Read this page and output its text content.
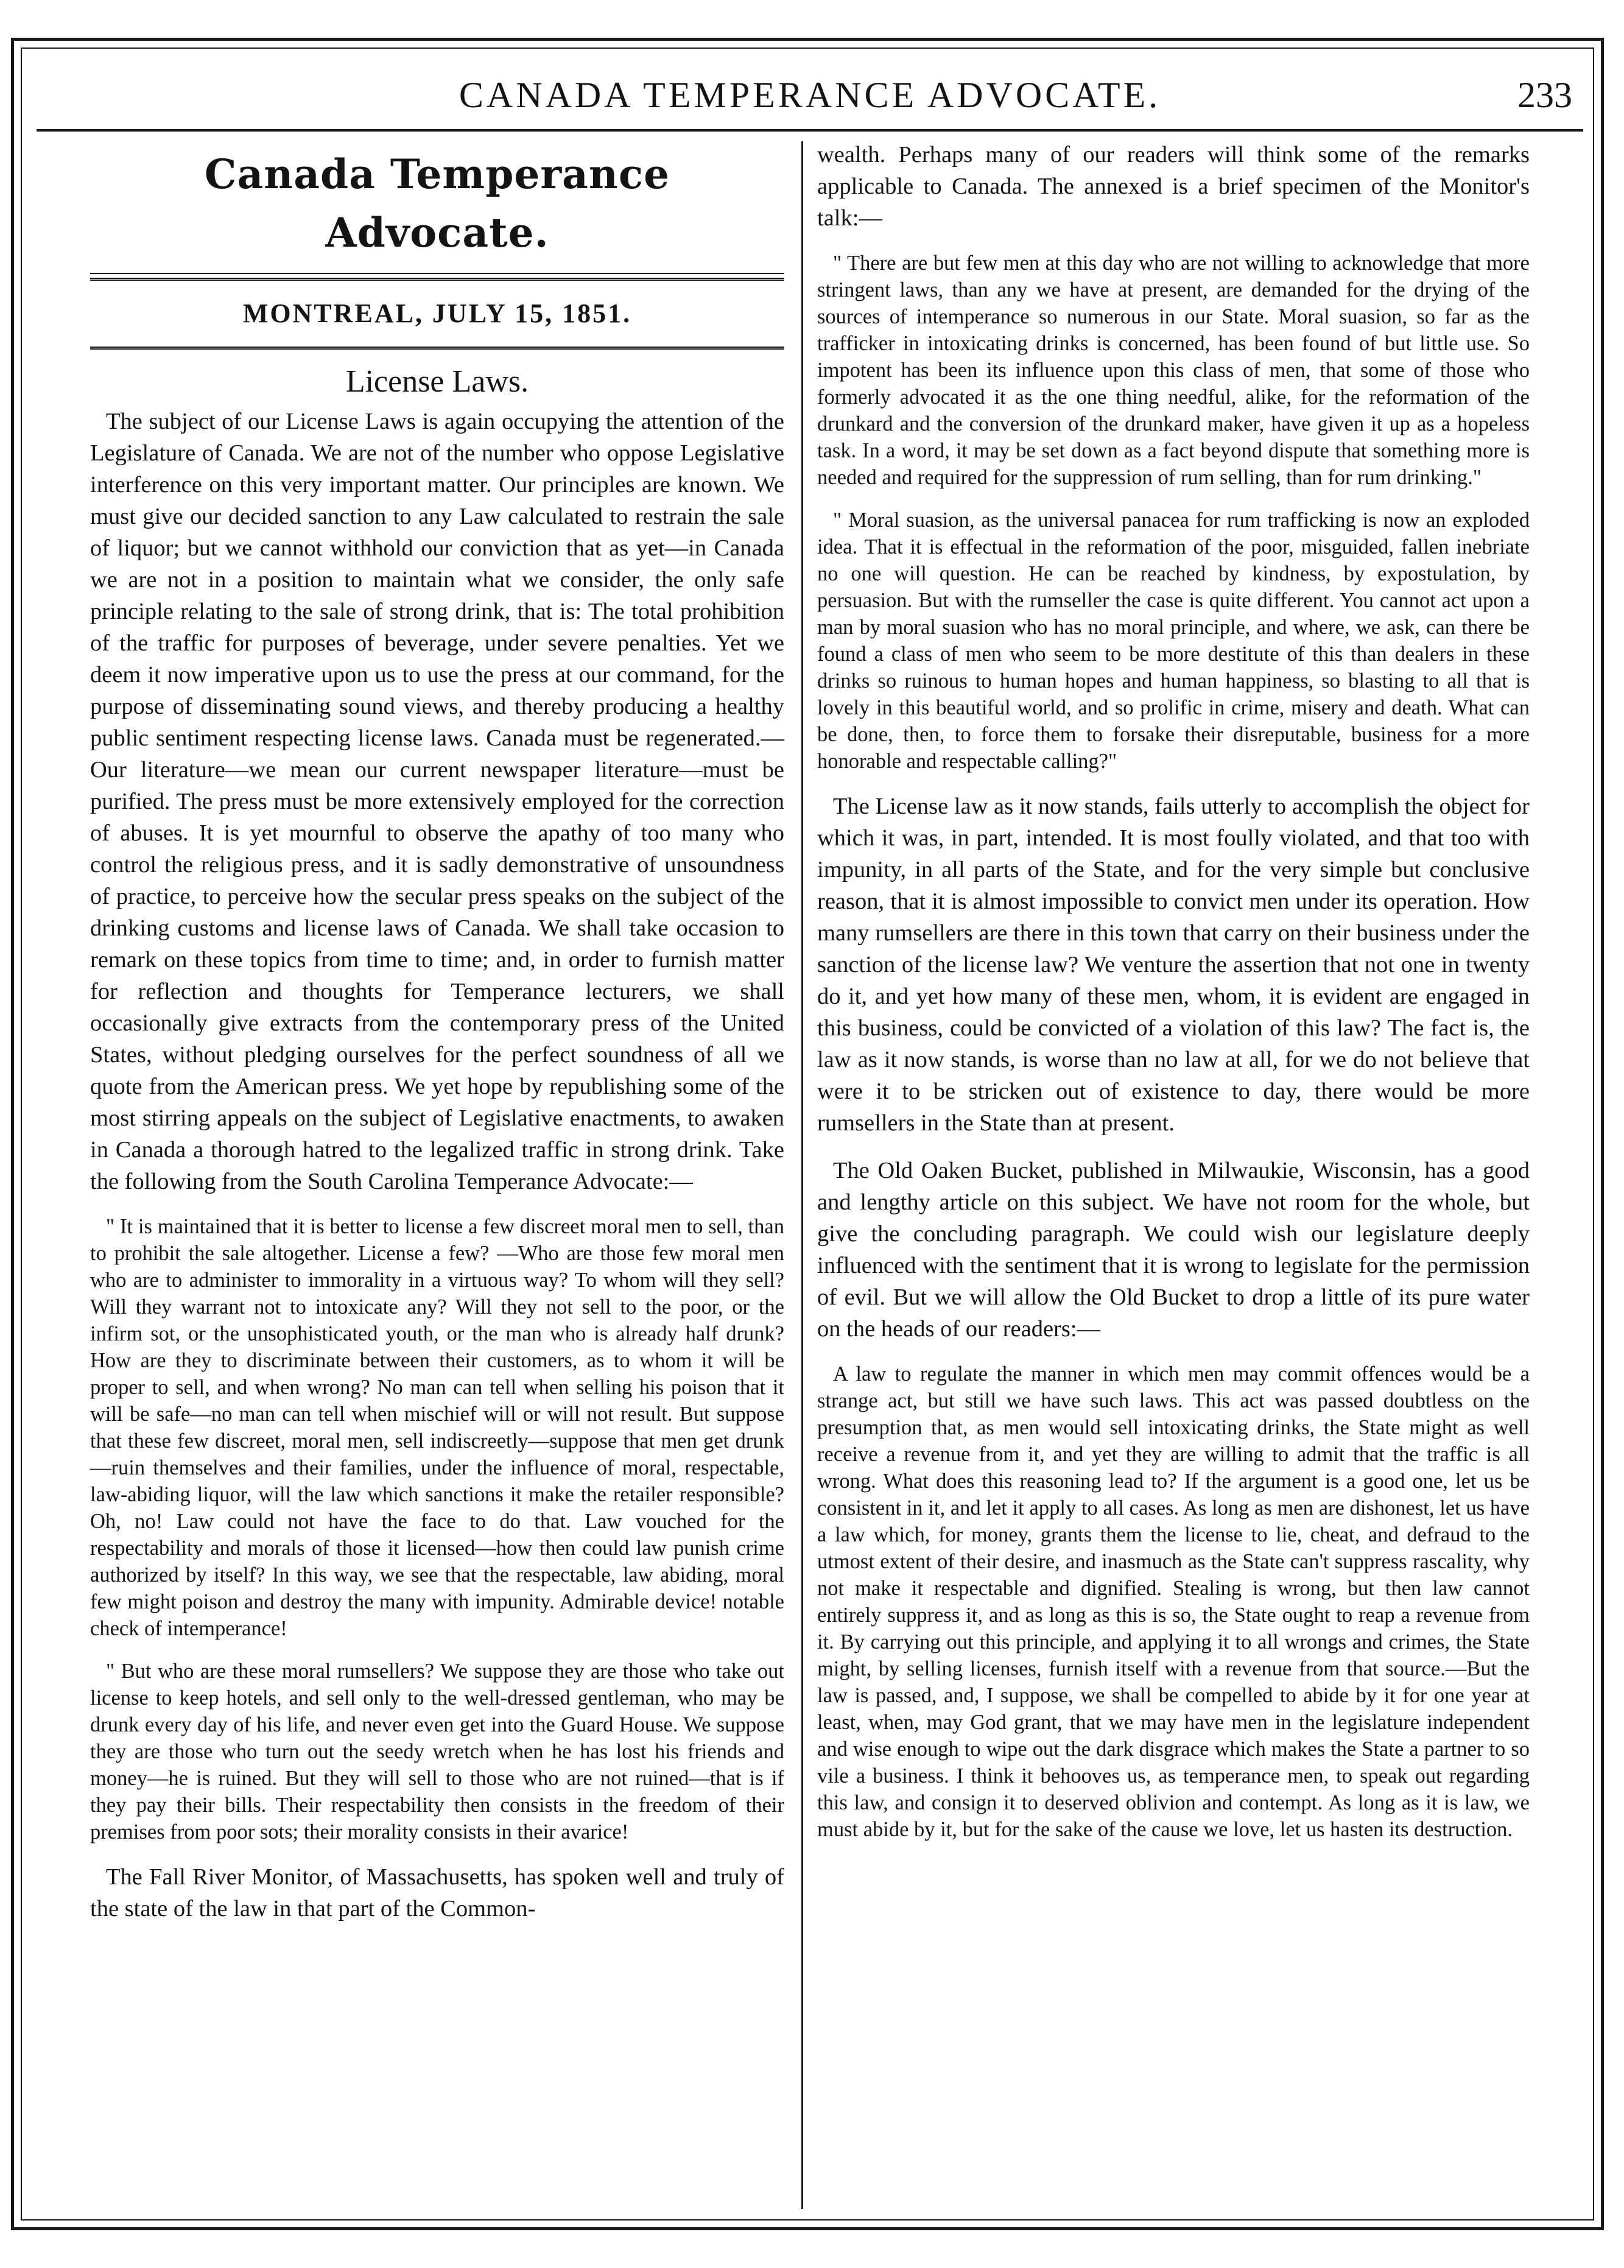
CANADA TEMPERANCE ADVOCATE.	233
Canada Temperance Advocate.
MONTREAL, JULY 15, 1851.
License Laws.

The subject of our License Laws is again occupying the attention of the Legislature of Canada. We are not of the number who oppose Legislative interference on this very important matter. Our principles are known. We must give our decided sanction to any Law calculated to restrain the sale of liquor; but we cannot withhold our conviction that as yet—in Canada we are not in a position to maintain what we consider, the only safe principle relating to the sale of strong drink, that is: The total prohibition of the traffic for purposes of beverage, under severe penalties. Yet we deem it now imperative upon us to use the press at our command, for the purpose of disseminating sound views, and thereby producing a healthy public sentiment respecting license laws. Canada must be regenerated.—Our literature—we mean our current newspaper literature—must be purified. The press must be more extensively employed for the correction of abuses. It is yet mournful to observe the apathy of too many who control the religious press, and it is sadly demonstrative of unsoundness of practice, to perceive how the secular press speaks on the subject of the drinking customs and license laws of Canada. We shall take occasion to remark on these topics from time to time; and, in order to furnish matter for reflection and thoughts for Temperance lecturers, we shall occasionally give extracts from the contemporary press of the United States, without pledging ourselves for the perfect soundness of all we quote from the American press. We yet hope by republishing some of the most stirring appeals on the subject of Legislative enactments, to awaken in Canada a thorough hatred to the legalized traffic in strong drink. Take the following from the South Carolina Temperance Advocate:—

" It is maintained that it is better to license a few discreet moral men to sell, than to prohibit the sale altogether. License a few? —Who are those few moral men who are to administer to immorality in a virtuous way? To whom will they sell? Will they warrant not to intoxicate any? Will they not sell to the poor, or the infirm sot, or the unsophisticated youth, or the man who is already half drunk? How are they to discriminate between their customers, as to whom it will be proper to sell, and when wrong? No man can tell when selling his poison that it will be safe—no man can tell when mischief will or will not result. But suppose that these few discreet, moral men, sell indiscreetly—suppose that men get drunk—ruin themselves and their families, under the influence of moral, respectable, law-abiding liquor, will the law which sanctions it make the retailer responsible? Oh, no! Law could not have the face to do that. Law vouched for the respectability and morals of those it licensed—how then could law punish crime authorized by itself? In this way, we see that the respectable, law abiding, moral few might poison and destroy the many with impunity. Admirable device! notable check of intemperance!

" But who are these moral rumsellers? We suppose they are those who take out license to keep hotels, and sell only to the well-dressed gentleman, who may be drunk every day of his life, and never even get into the Guard House. We suppose they are those who turn out the seedy wretch when he has lost his friends and money—he is ruined. But they will sell to those who are not ruined—that is if they pay their bills. Their respectability then consists in the freedom of their premises from poor sots; their morality consists in their avarice!

The Fall River Monitor, of Massachusetts, has spoken well and truly of the state of the law in that part of the Common-

wealth. Perhaps many of our readers will think some of the remarks applicable to Canada. The annexed is a brief specimen of the Monitor's talk:—

" There are but few men at this day who are not willing to acknowledge that more stringent laws, than any we have at present, are demanded for the drying of the sources of intemperance so numerous in our State. Moral suasion, so far as the trafficker in intoxicating drinks is concerned, has been found of but little use. So impotent has been its influence upon this class of men, that some of those who formerly advocated it as the one thing needful, alike, for the reformation of the drunkard and the conversion of the drunkard maker, have given it up as a hopeless task. In a word, it may be set down as a fact beyond dispute that something more is needed and required for the suppression of rum selling, than for rum drinking."

" Moral suasion, as the universal panacea for rum trafficking is now an exploded idea. That it is effectual in the reformation of the poor, misguided, fallen inebriate no one will question. He can be reached by kindness, by expostulation, by persuasion. But with the rumseller the case is quite different. You cannot act upon a man by moral suasion who has no moral principle, and where, we ask, can there be found a class of men who seem to be more destitute of this than dealers in these drinks so ruinous to human hopes and human happiness, so blasting to all that is lovely in this beautiful world, and so prolific in crime, misery and death. What can be done, then, to force them to forsake their disreputable, business for a more honorable and respectable calling?"

The License law as it now stands, fails utterly to accomplish the object for which it was, in part, intended. It is most foully violated, and that too with impunity, in all parts of the State, and for the very simple but conclusive reason, that it is almost impossible to convict men under its operation. How many rumsellers are there in this town that carry on their business under the sanction of the license law? We venture the assertion that not one in twenty do it, and yet how many of these men, whom, it is evident are engaged in this business, could be convicted of a violation of this law? The fact is, the law as it now stands, is worse than no law at all, for we do not believe that were it to be stricken out of existence to day, there would be more rumsellers in the State than at present.

The Old Oaken Bucket, published in Milwaukie, Wisconsin, has a good and lengthy article on this subject. We have not room for the whole, but give the concluding paragraph. We could wish our legislature deeply influenced with the sentiment that it is wrong to legislate for the permission of evil. But we will allow the Old Bucket to drop a little of its pure water on the heads of our readers:—

A law to regulate the manner in which men may commit offences would be a strange act, but still we have such laws. This act was passed doubtless on the presumption that, as men would sell intoxicating drinks, the State might as well receive a revenue from it, and yet they are willing to admit that the traffic is all wrong. What does this reasoning lead to? If the argument is a good one, let us be consistent in it, and let it apply to all cases. As long as men are dishonest, let us have a law which, for money, grants them the license to lie, cheat, and defraud to the utmost extent of their desire, and inasmuch as the State can't suppress rascality, why not make it respectable and dignified. Stealing is wrong, but then law cannot entirely suppress it, and as long as this is so, the State ought to reap a revenue from it. By carrying out this principle, and applying it to all wrongs and crimes, the State might, by selling licenses, furnish itself with a revenue from that source.—But the law is passed, and, I suppose, we shall be compelled to abide by it for one year at least, when, may God grant, that we may have men in the legislature independent and wise enough to wipe out the dark disgrace which makes the State a partner to so vile a business. I think it behooves us, as temperance men, to speak out regarding this law, and consign it to deserved oblivion and contempt. As long as it is law, we must abide by it, but for the sake of the cause we love, let us hasten its destruction.
